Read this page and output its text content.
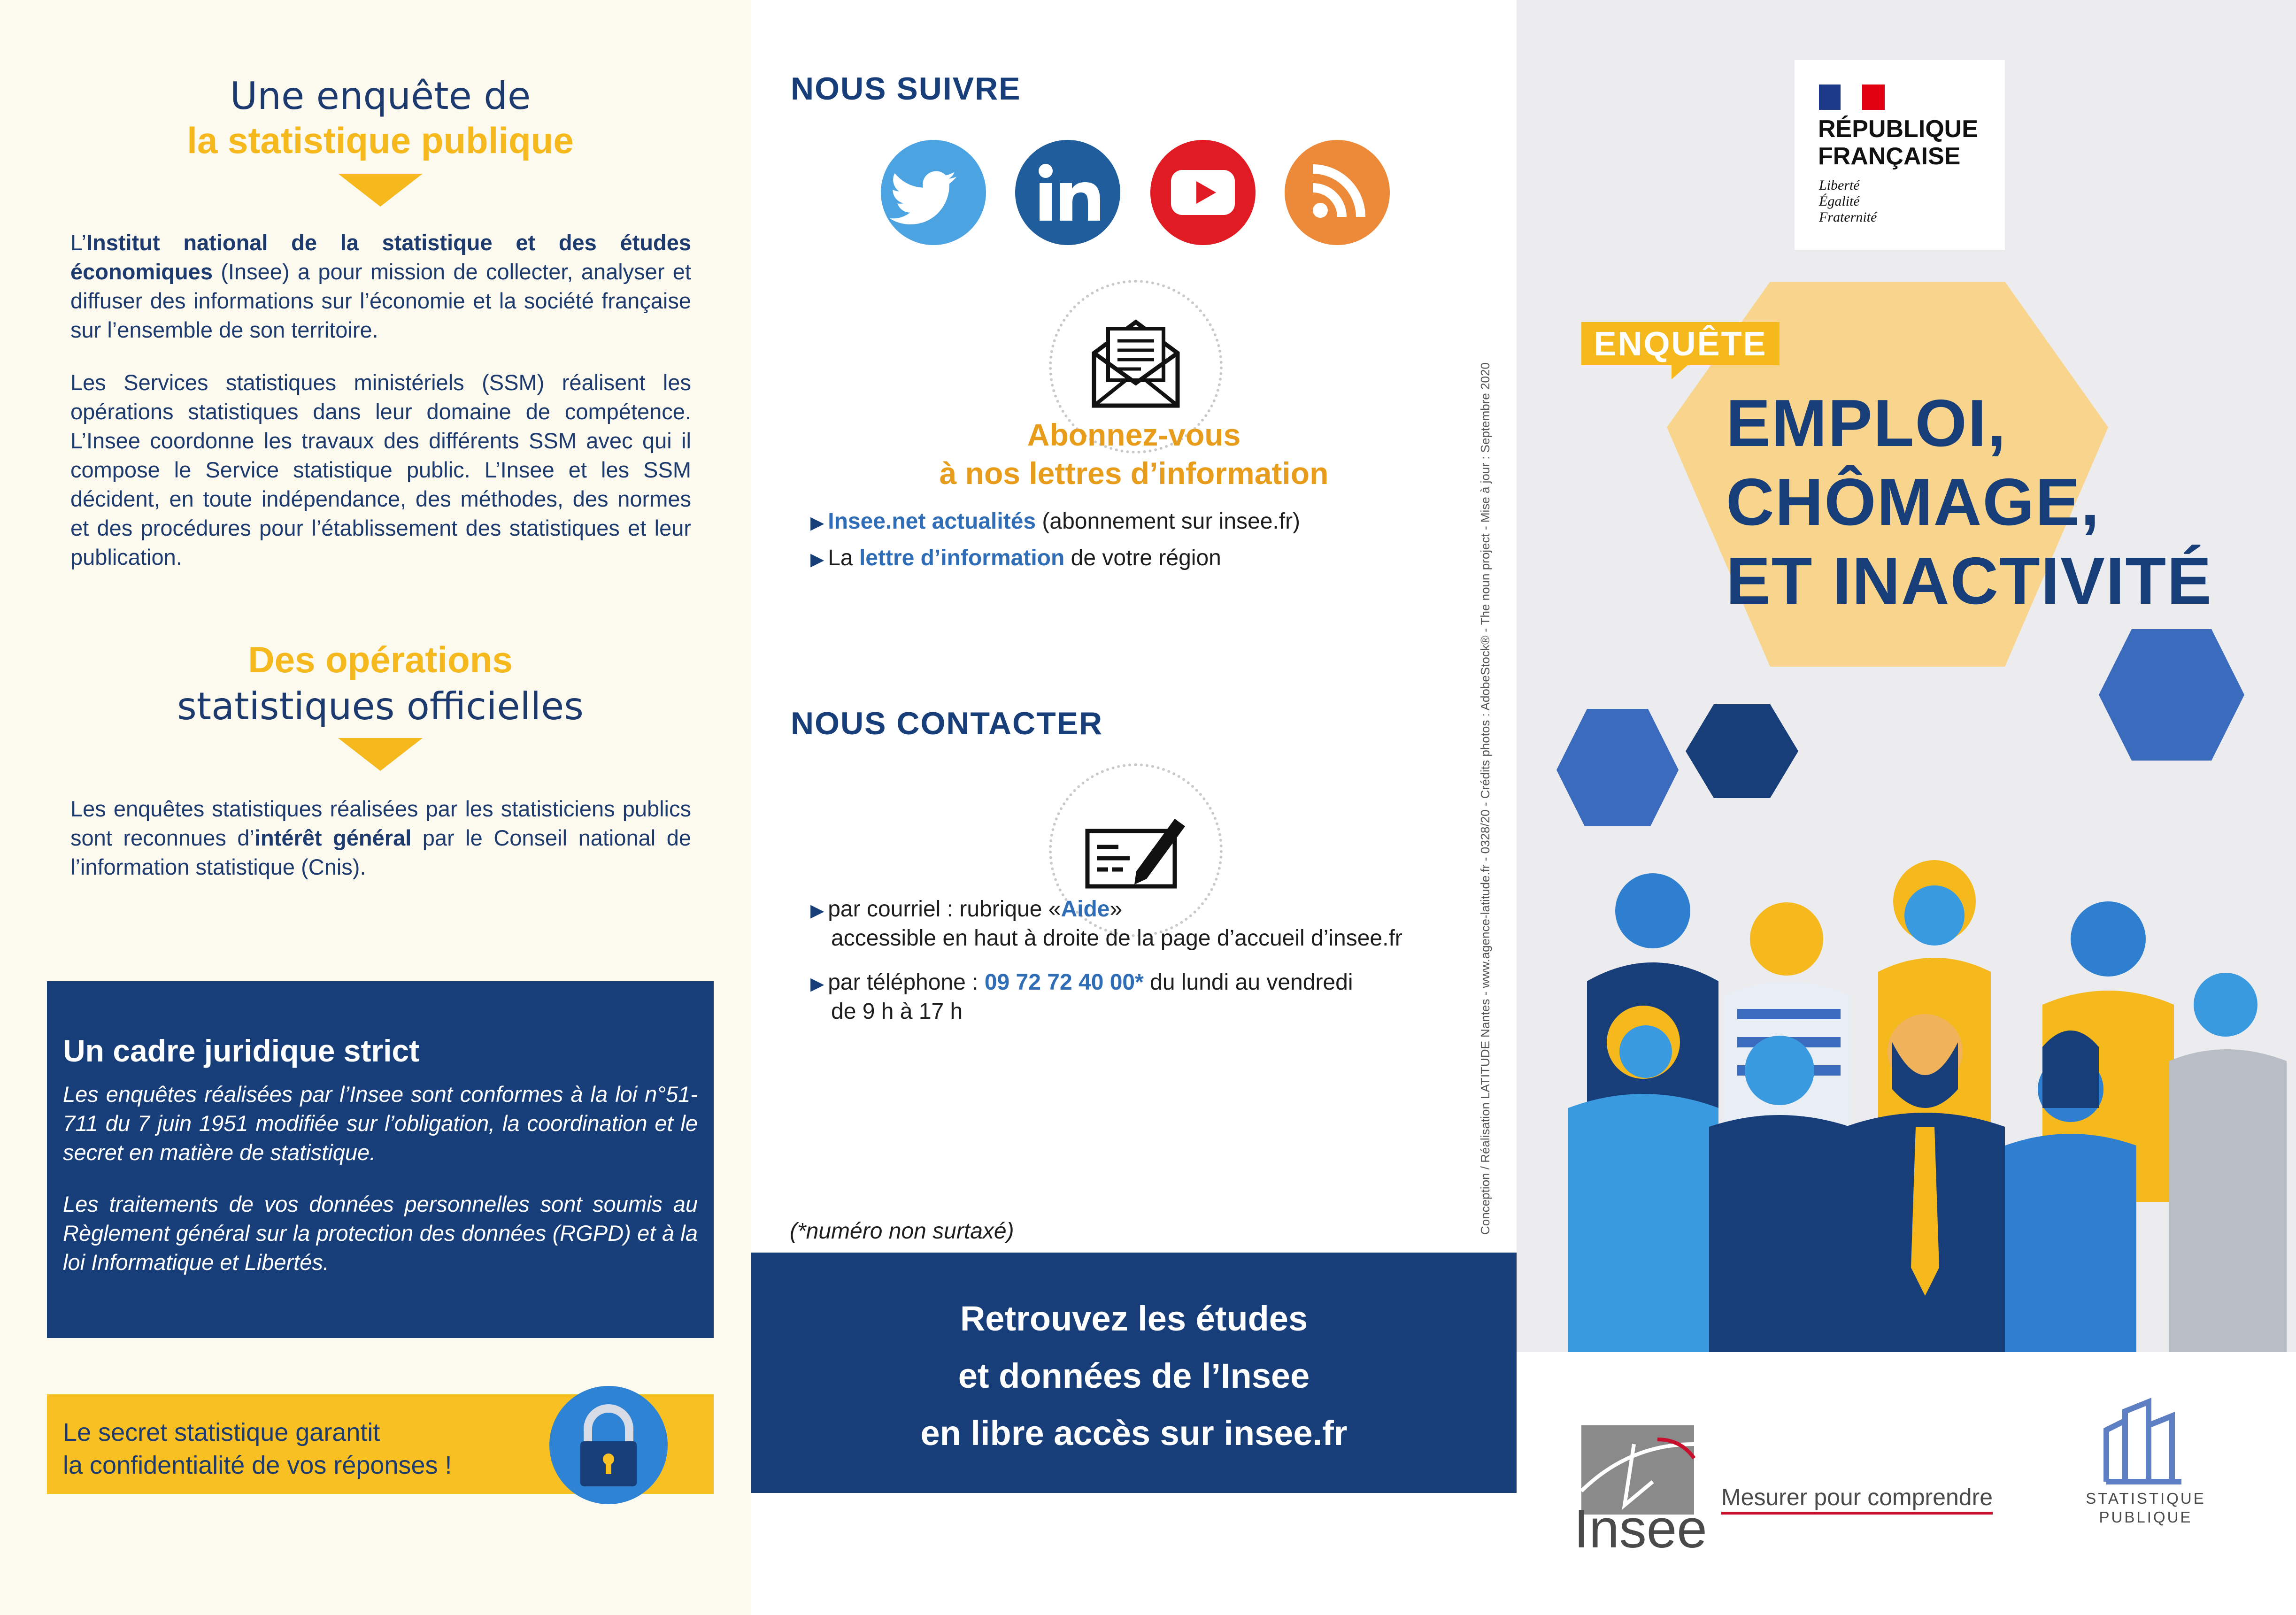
Une enquête de
la statistique publique
L’Institut national de la statistique et des études économiques (Insee) a pour mission de collecter, analyser et diffuser des informations sur l’économie et la société française sur l’ensemble de son territoire.
Les Services statistiques ministériels (SSM) réalisent les opérations statistiques dans leur domaine de compétence. L’Insee coordonne les travaux des différents SSM avec qui il compose le Service statistique public. L’Insee et les SSM décident, en toute indépendance, des méthodes, des normes et des procédures pour l’établissement des statistiques et leur publication.
Des opérations
statistiques officielles
Les enquêtes statistiques réalisées par les statisticiens publics sont reconnues d’intérêt général par le Conseil national de l’information statistique (Cnis).
Un cadre juridique strict

Les enquêtes réalisées par l’Insee sont conformes à la loi n°51-711 du 7 juin 1951 modifiée sur l’obligation, la coordination et le secret en matière de statistique.

Les traitements de vos données personnelles sont soumis au Règlement général sur la protection des données (RGPD) et à la loi Informatique et Libertés.

Le secret statistique garantit
la confidentialité de vos réponses !
NOUS SUIVRE
Abonnez-vous
à nos lettres d’information
▶ Insee.net actualités (abonnement sur insee.fr)
▶ La lettre d’information de votre région
NOUS CONTACTER
▶ par courriel : rubrique «Aide»
accessible en haut à droite de la page d’accueil d’insee.fr
▶ par téléphone : 09 72 72 40 00* du lundi au vendredi
de 9 h à 17 h
(*numéro non surtaxé)	Conception / Réalisation LATITUDE Nantes - www.agence-latitude.fr - 0328/20 - Crédits photos : AdobeStock® - The noun project - Mise à jour : Septembre 2020
Retrouvez les études
et données de l’Insee
en libre accès sur insee.fr
RÉPUBLIQUE
FRANÇAISE
Liberté
Égalité
Fraternité
ENQUÊTE
EMPLOI,
CHÔMAGE,
ET INACTIVITÉ
Insee
Mesurer pour comprendre	STATISTIQUE
PUBLIQUE
